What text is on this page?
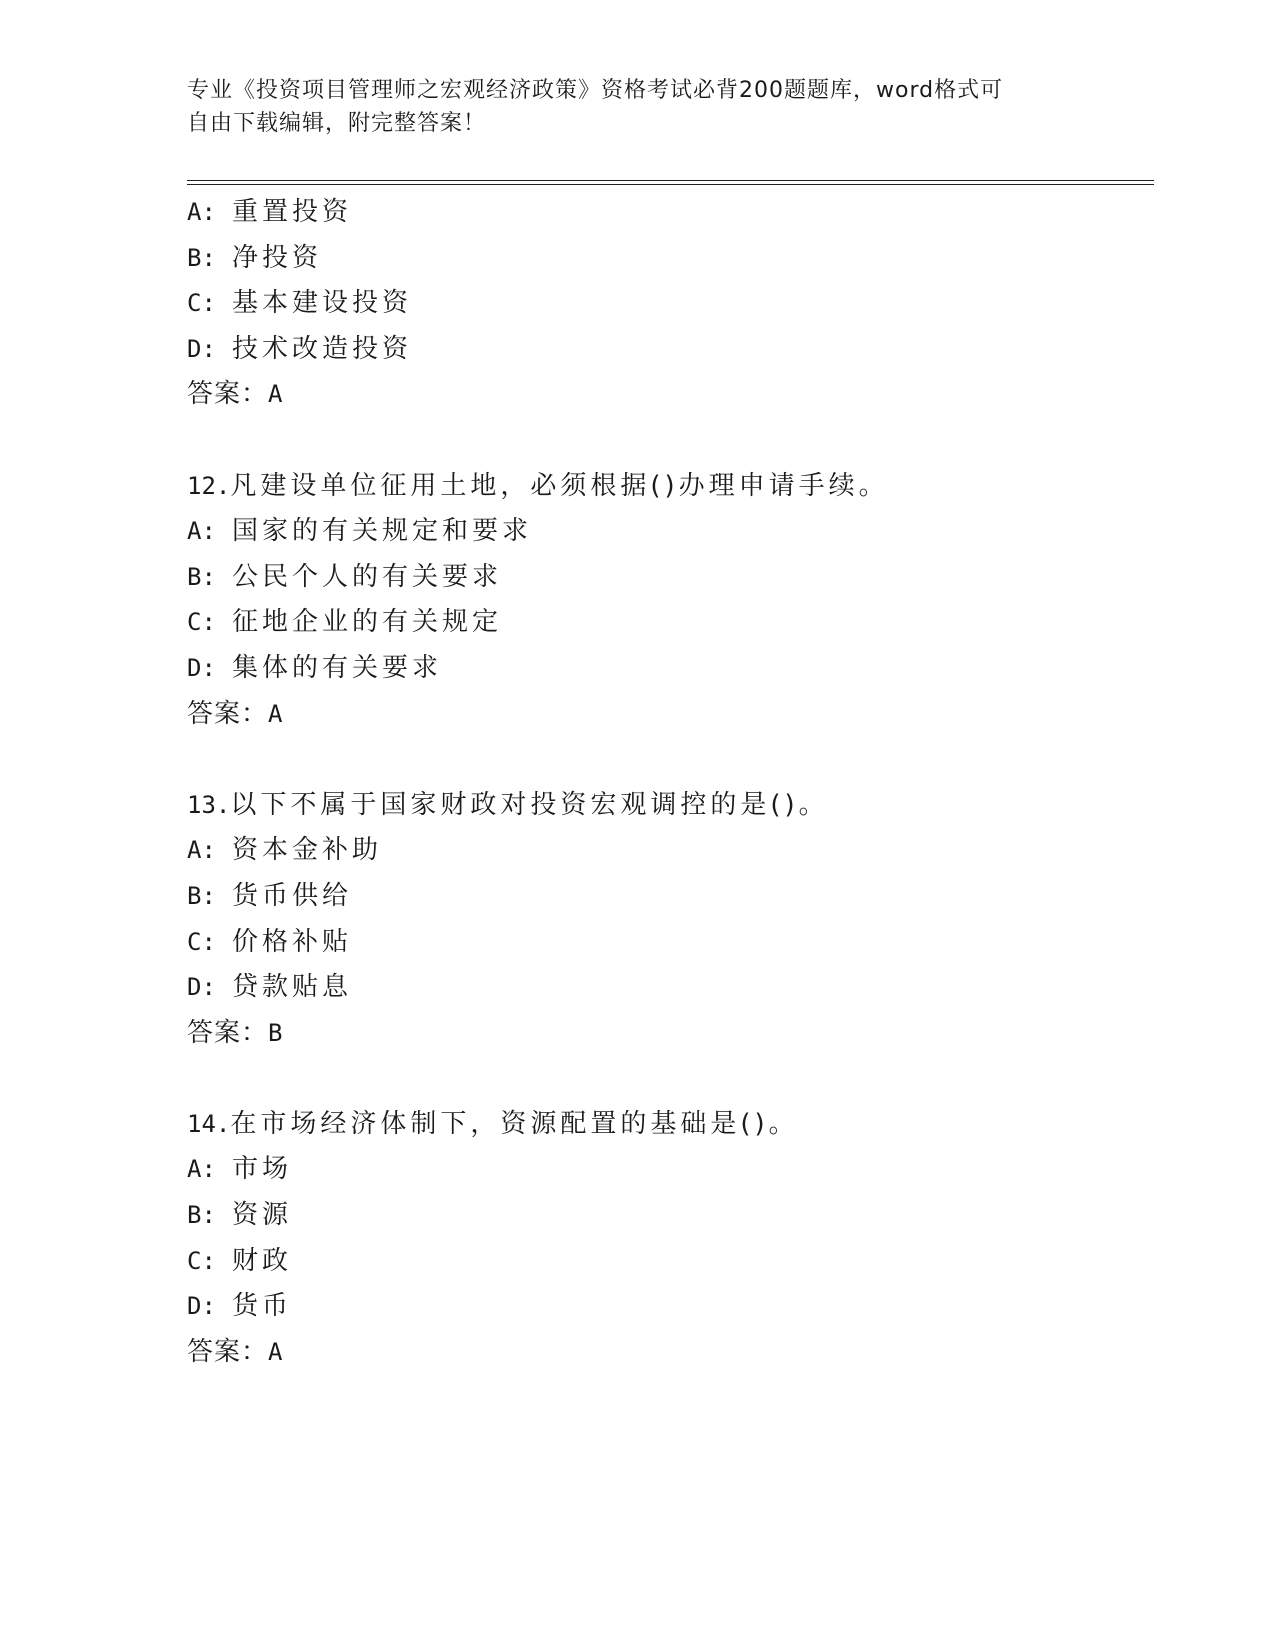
专业《投资项目管理师之宏观经济政策》资格考试必背200题题库，word格式可
自由下载编辑，附完整答案！
A: 重置投资
B: 净投资
C: 基本建设投资
D: 技术改造投资
答案：A
12.凡建设单位征用土地，必须根据()办理申请手续。
A: 国家的有关规定和要求
B: 公民个人的有关要求
C: 征地企业的有关规定
D: 集体的有关要求
答案：A
13.以下不属于国家财政对投资宏观调控的是()。
A: 资本金补助
B: 货币供给
C: 价格补贴
D: 贷款贴息
答案：B
14.在市场经济体制下，资源配置的基础是()。
A: 市场
B: 资源
C: 财政
D: 货币
答案：A
